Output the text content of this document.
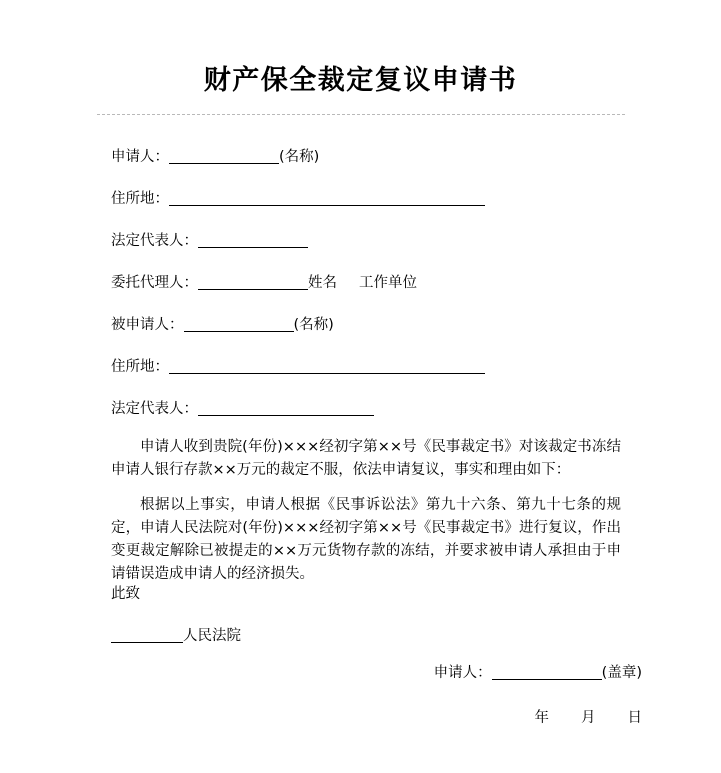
财产保全裁定复议申请书
申请人：	(名称)
住所地：
法定代表人：
委托代理人：	姓名 工作单位
被申请人：	(名称)
住所地：
法定代表人：
申请人收到贵院(年份)×××经初字第××号《民事裁定书》对该裁定书冻结申请人银行存款××万元的裁定不服，依法申请复议，事实和理由如下：
根据以上事实，申请人根据《民事诉讼法》第九十六条、第九十七条的规定，申请人民法院对(年份)×××经初字第××号《民事裁定书》进行复议，作出变更裁定解除已被提走的××万元货物存款的冻结，并要求被申请人承担由于申请错误造成申请人的经济损失。
此致
人民法院
申请人：	(盖章)
年 月 日
